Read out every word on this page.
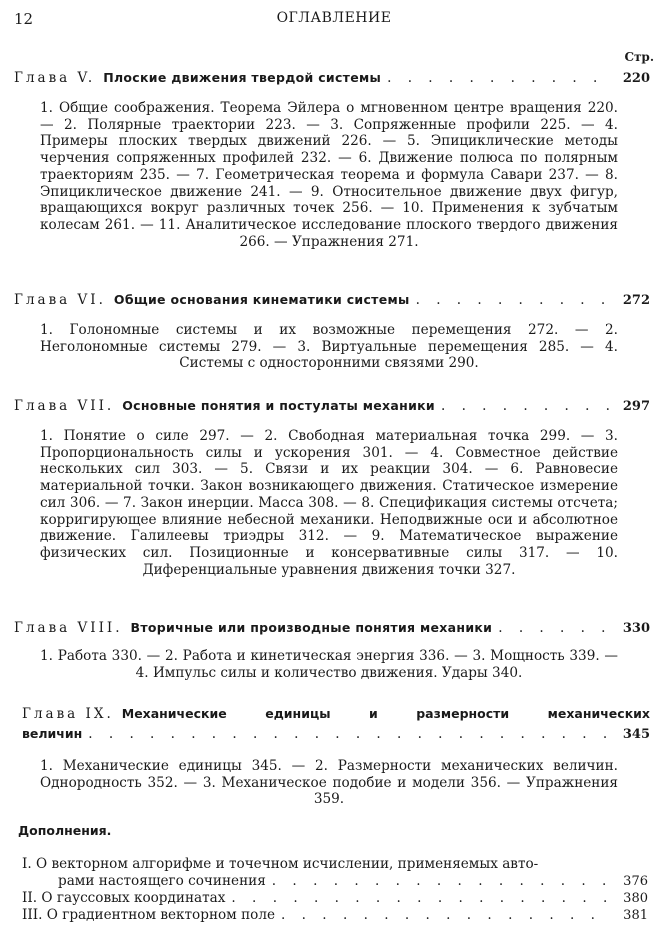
12	ОГЛАВЛЕНИЕ
Стр.
Глава V. Плоские движения твердой системы . . .	220
1. Общие соображения. Теорема Эйлера о мгновенном центре вращения 220. — 2. Полярные траектории 223. — 3. Сопряженные профили 225. — 4. Примеры плоских твердых движений 226. — 5. Эпициклические методы черчения сопряженных профилей 232. — 6. Движение полюса по полярным траекториям 235. — 7. Геометрическая теорема и формула Савари 237. — 8. Эпициклическое движение 241. — 9. Относительное движение двух фигур, вращающихся вокруг различных точек 256. — 10. Применения к зубчатым колесам 261. — 11. Аналитическое исследование плоского твердого движения 266. — Упражнения 271.
Глава VI. Общие основания кинематики системы . . .	272
1. Голономные системы и их возможные перемещения 272. — 2. Неголономные системы 279. — 3. Виртуальные перемещения 285. — 4. Системы с односторонними связями 290.
Глава VII. Основные понятия и постулаты механики . . .	297
1. Понятие о силе 297. — 2. Свободная материальная точка 299. — 3. Пропорциональность силы и ускорения 301. — 4. Совместное действие нескольких сил 303. — 5. Связи и их реакции 304. — 6. Равновесие материальной точки. Закон возникающего движения. Статическое измерение сил 306. — 7. Закон инерции. Масса 308. — 8. Спецификация системы отсчета; корригирующее влияние небесной механики. Неподвижные оси и абсолютное движение. Галилеевы триэдры 312. — 9. Математическое выражение физических сил. Позиционные и консервативные силы 317. — 10. Диференциальные уравнения движения точки 327.
Глава VIII. Вторичные или производные понятия механики . . .	330
1. Работа 330. — 2. Работа и кинетическая энергия 336. — 3. Мощность 339. — 4. Импульс силы и количество движения. Удары 340.
Глава IX. Механические единицы и размерности механических
величин . . .	345
1. Механические единицы 345. — 2. Размерности механических величин. Однородность 352. — 3. Механическое подобие и модели 356. — Упражнения 359.
Дополнения.
I. О векторном алгорифме и точечном исчислении, применяемых авто-
рами настоящего сочинения . . .	376
II. О гауссовых координатах . . .	380
III. О градиентном векторном поле . . .	381
